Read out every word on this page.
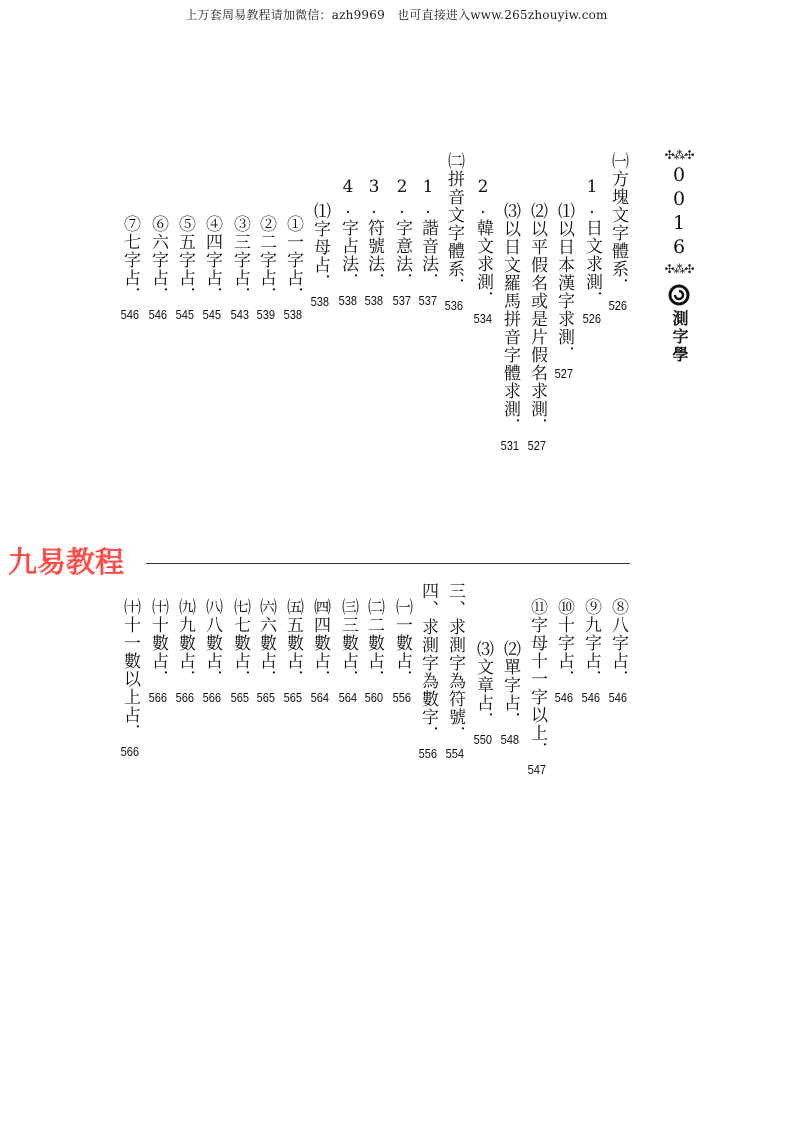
上万套周易教程请加微信：azh9969　也可直接进入www.265zhouyiw.com
✣⁂✣
0016
✣⁂✣
測字學
㈠方塊文字體系．
526
1.日文求測．
526
⑴以日本漢字求測．
527
⑵以平假名或是片假名求測．
527
⑶以日文羅馬拼音字體求測．
531
2.韓文求測．
534
㈡拼音文字體系．
536
1.諧音法．
537
2.字意法．
537
3.符號法．
538
4.字占法．
538
⑴字母占．
538
①一字占．
538
②二字占．
539
③三字占．
543
④四字占．
545
⑤五字占．
545
⑥六字占．
546
⑦七字占．
546
九易教程
⑧八字占．
546
⑨九字占．
546
⑩十字占．
546
⑪字母十一字以上．
547
⑵單字占．
548
⑶文章占．
550
三、求測字為符號．
554
四、求測字為數字．
556
㈠一數占．
556
㈡二數占．
560
㈢三數占．
564
㈣四數占．
564
㈤五數占．
565
㈥六數占．
565
㈦七數占．
565
㈧八數占．
566
㈨九數占．
566
㈩十數占．
566
㈩十一數以上占．
566
